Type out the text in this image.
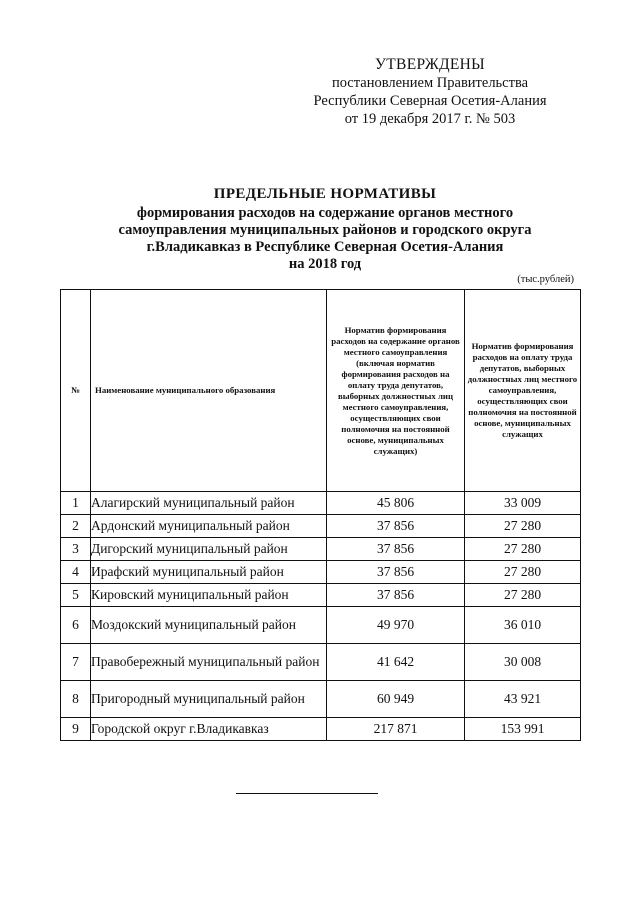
УТВЕРЖДЕНЫ
постановлением Правительства
Республики Северная Осетия-Алания
от 19 декабря 2017 г. № 503
ПРЕДЕЛЬНЫЕ НОРМАТИВЫ
формирования расходов на содержание органов местного
самоуправления муниципальных районов и городского округа
г.Владикавказ в Республике Северная Осетия-Алания
на 2018 год
(тыс.рублей)
№	Наименование муниципального образования	Норматив формирования расходов на содержание органов местного самоуправления (включая норматив формирования расходов на оплату труда депутатов, выборных должностных лиц местного самоуправления, осуществляющих свои полномочия на постоянной основе, муниципальных служащих)	Норматив формирования расходов на оплату труда депутатов, выборных должностных лиц местного самоуправления, осуществляющих свои полномочия на постоянной основе, муниципальных служащих

1	Алагирский муниципальный район	45 806	33 009
2	Ардонский муниципальный район	37 856	27 280
3	Дигорский муниципальный район	37 856	27 280
4	Ирафский муниципальный район	37 856	27 280
5	Кировский муниципальный район	37 856	27 280
6	Моздокский муниципальный район	49 970	36 010
7	Правобережный муниципальный район	41 642	30 008
8	Пригородный муниципальный район	60 949	43 921
9	Городской округ г.Владикавказ	217 871	153 991
